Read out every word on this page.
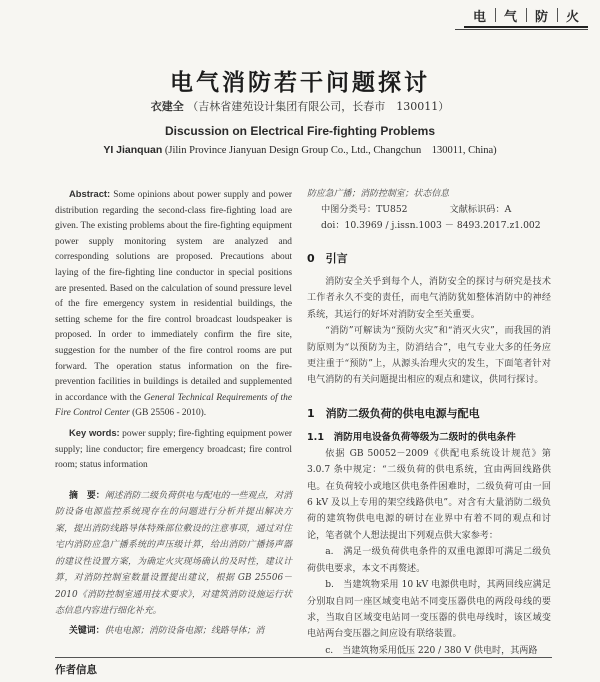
电	气	防	火
电气消防若干问题探讨
衣建全 （吉林省建苑设计集团有限公司，长春市　130011）
Discussion on Electrical Fire-fighting Problems
YI Jianquan (Jilin Province Jianyuan Design Group Co., Ltd., Changchun　130011, China)

Abstract: Some opinions about power supply and power distribution regarding the second-class fire-fighting load are given. The existing problems about the fire-fighting equipment power supply monitoring system are analyzed and corresponding solutions are proposed. Precautions about laying of the fire-fighting line conductor in special positions are presented. Based on the calculation of sound pressure level of the fire emergency system in residential buildings, the setting scheme for the fire control broadcast loudspeaker is proposed. In order to immediately confirm the fire site, suggestion for the number of the fire control rooms are put forward. The operation status information on the fire-prevention facilities in buildings is detailed and supplemented in accordance with the General Technical Requirements of the Fire Control Center (GB 25506 - 2010).

Key words: power supply; fire-fighting equipment power supply; line conductor; fire emergency broadcast; fire control room; status information

摘　要：阐述消防二级负荷供电与配电的一些观点，对消防设备电源监控系统现存在的问题进行分析并提出解决方案，提出消防线路导体特殊部位敷设的注意事项，通过对住宅内消防应急广播系统的声压级计算，给出消防广播扬声器的建议性设置方案，为确定火灾现场确认的及时性，建议计算，对消防控制室数量设置提出建议，根据 GB 25506－2010《消防控制室通用技术要求》，对建筑消防设施运行状态信息内容进行细化补充。

关键词：供电电源；消防设备电源；线路导体；消

防应急广播；消防控制室；状态信息

中图分类号： TU852	文献标识码： A

doi： 10.3969 / j.issn.1003 － 8493.2017.z1.002

0　引言

消防安全关乎到每个人，消防安全的探讨与研究是技术工作者永久不变的责任，而电气消防犹如整体消防中的神经系统，其运行的好坏对消防安全至关重要。

“消防”可解读为“预防火灾”和“消灭火灾”，而我国的消防原则为“以预防为主，防消结合”，电气专业大多的任务应更注重于“预防”上，从源头治理火灾的发生，下面笔者针对电气消防的有关问题提出相应的观点和建议，供同行探讨。

1　消防二级负荷的供电电源与配电
1.1　消防用电设备负荷等级为二级时的供电条件

依据 GB 50052－2009《供配电系统设计规范》第 3.0.7 条中规定：“二级负荷的供电系统，宜由两回线路供电。在负荷较小或地区供电条件困难时，二级负荷可由一回 6 kV 及以上专用的架空线路供电”。对含有大量消防二级负荷的建筑物供电电源的研讨在业界中有着不同的观点和讨论，笔者就个人想法提出下列观点供大家参考：

a.　满足一级负荷供电条件的双重电源即可满足二级负荷供电要求，本文不再赘述。

b.　当建筑物采用 10 kV 电源供电时，其两回线应满足分别取自同一座区域变电站不同变压器供电的两段母线的要求，当取自区域变电站同一变压器的供电母线时，该区域变电站两台变压器之间应设有联络装置。

c.　当建筑物采用低压 220 / 380 V 供电时，其两路

作者信息
